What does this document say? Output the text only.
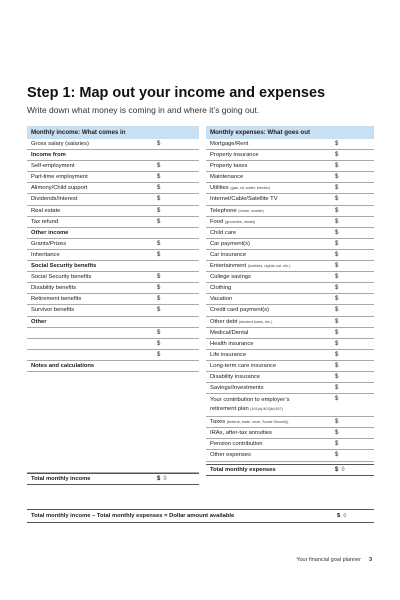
Step 1: Map out your income and expenses
Write down what money is coming in and where it’s going out.
Monthly income: What comes in
Gross salary (salaries)	$
Income from
Self-employment	$
Part-time employment	$
Alimony/Child support	$
Dividends/Interest	$
Real estate	$
Tax refund	$
Other income
Grants/Prizes	$
Inheritance	$
Social Security benefits
Social Security benefits	$
Disability benefits	$
Retirement benefits	$
Survivor benefits	$
Other
$
$
$
Notes and calculations
Total monthly income	$ 0
Monthly expenses: What goes out
Mortgage/Rent	$
Property insurance	$
Property taxes	$
Maintenance	$
Utilities (gas, oil, water, electric)	$
Internet/Cable/Satellite TV	$
Telephone (home, mobile)	$
Food (groceries, meals)	$
Child care	$
Car payment(s)	$
Car insurance	$
Entertainment (hobbies, nights out, etc.)	$
College savings	$
Clothing	$
Vacation	$
Credit card payment(s)	$
Other debt (student loans, etc.)	$
Medical/Dental	$
Health insurance	$
Life insurance	$
Long-term care insurance	$
Disability insurance	$
Savings/Investments	$
Your contribution to employer’s
retirement plan (401(k)/403(b)/457)
$
Taxes (federal, state, local, Social Security)	$
IRAs, after-tax annuities	$
Pension contribution	$
Other expenses	$
Total monthly expenses	$ 0
Total monthly income – Total monthly expenses = Dollar amount available	$ 0
Your financial goal planner 3
